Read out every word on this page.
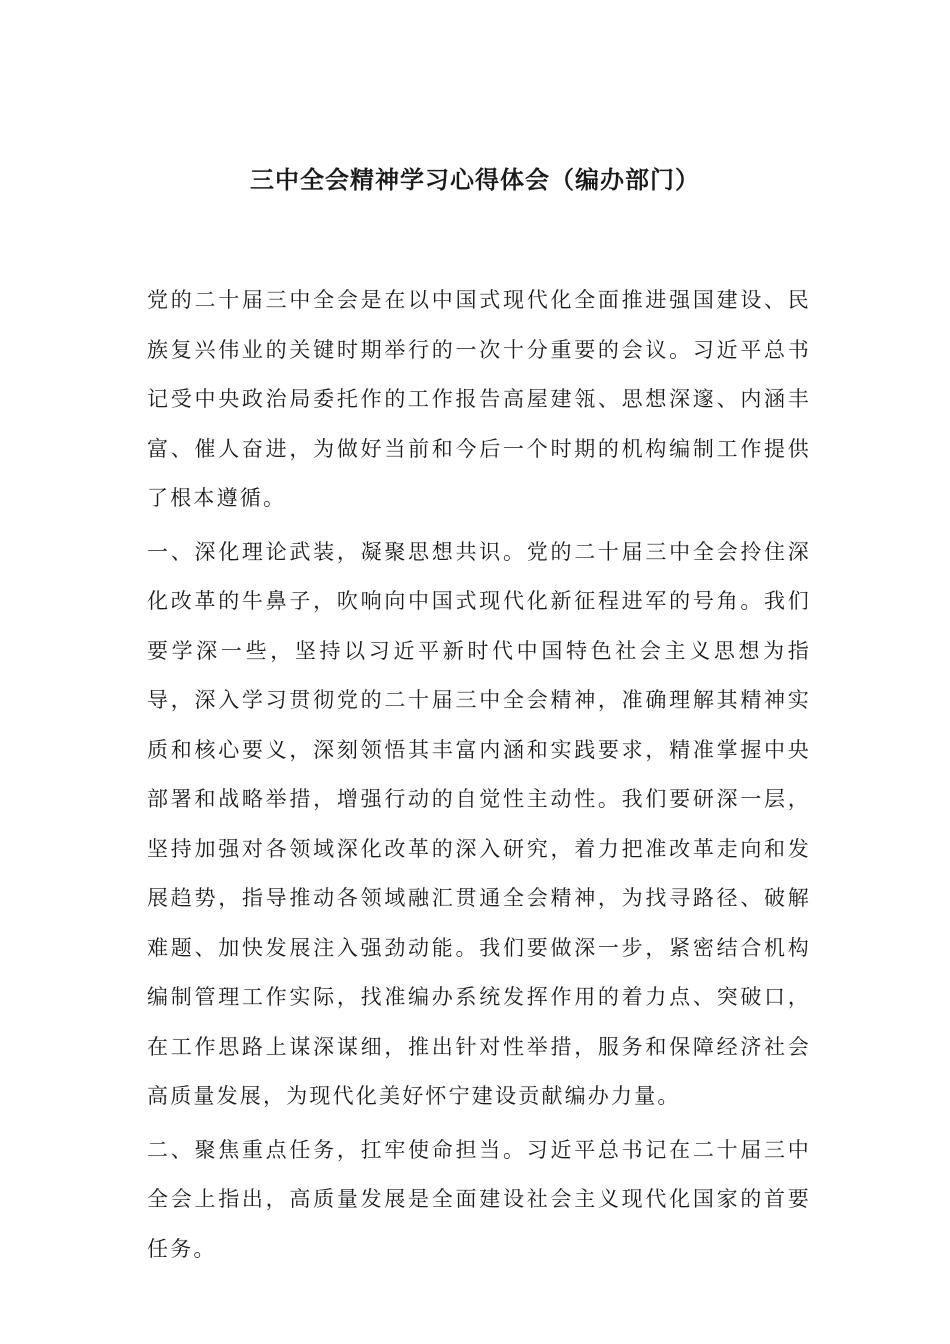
三中全会精神学习心得体会（编办部门）

党的二十届三中全会是在以中国式现代化全面推进强国建设、民族复兴伟业的关键时期举行的一次十分重要的会议。习近平总书记受中央政治局委托作的工作报告高屋建瓴、思想深邃、内涵丰富、催人奋进，为做好当前和今后一个时期的机构编制工作提供了根本遵循。

一、深化理论武装，凝聚思想共识。党的二十届三中全会拎住深化改革的牛鼻子，吹响向中国式现代化新征程进军的号角。我们要学深一些，坚持以习近平新时代中国特色社会主义思想为指导，深入学习贯彻党的二十届三中全会精神，准确理解其精神实质和核心要义，深刻领悟其丰富内涵和实践要求，精准掌握中央部署和战略举措，增强行动的自觉性主动性。我们要研深一层，坚持加强对各领域深化改革的深入研究，着力把准改革走向和发展趋势，指导推动各领域融汇贯通全会精神，为找寻路径、破解难题、加快发展注入强劲动能。我们要做深一步，紧密结合机构编制管理工作实际，找准编办系统发挥作用的着力点、突破口，在工作思路上谋深谋细，推出针对性举措，服务和保障经济社会高质量发展，为现代化美好怀宁建设贡献编办力量。

二、聚焦重点任务，扛牢使命担当。习近平总书记在二十届三中全会上指出，高质量发展是全面建设社会主义现代化国家的首要任务。
